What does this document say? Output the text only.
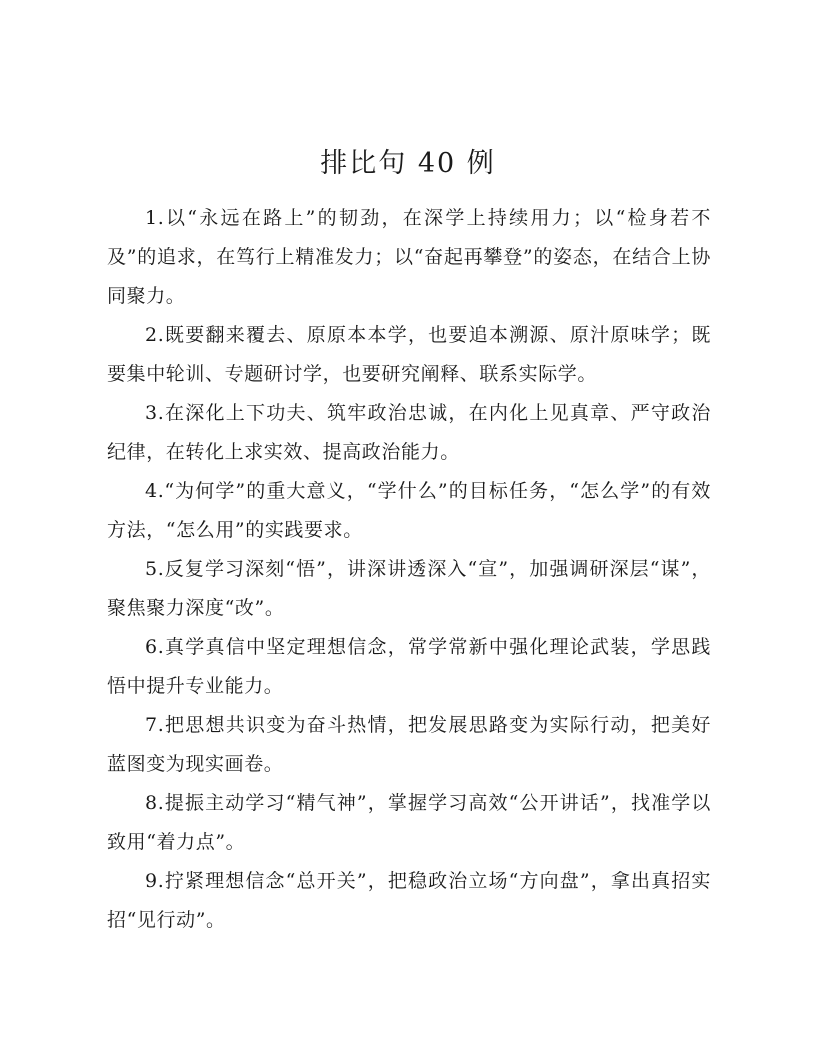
排比句 40 例

1.以“永远在路上”的韧劲，在深学上持续用力；以“检身若不及”的追求，在笃行上精准发力；以“奋起再攀登”的姿态，在结合上协同聚力。

2.既要翻来覆去、原原本本学，也要追本溯源、原汁原味学；既要集中轮训、专题研讨学，也要研究阐释、联系实际学。

3.在深化上下功夫、筑牢政治忠诚，在内化上见真章、严守政治纪律，在转化上求实效、提高政治能力。

4.“为何学”的重大意义，“学什么”的目标任务，“怎么学”的有效方法，“怎么用”的实践要求。

5.反复学习深刻“悟”，讲深讲透深入“宣”，加强调研深层“谋”，聚焦聚力深度“改”。

6.真学真信中坚定理想信念，常学常新中强化理论武装，学思践悟中提升专业能力。

7.把思想共识变为奋斗热情，把发展思路变为实际行动，把美好蓝图变为现实画卷。

8.提振主动学习“精气神”，掌握学习高效“公开讲话”，找准学以致用“着力点”。

9.拧紧理想信念“总开关”，把稳政治立场“方向盘”，拿出真招实招“见行动”。
